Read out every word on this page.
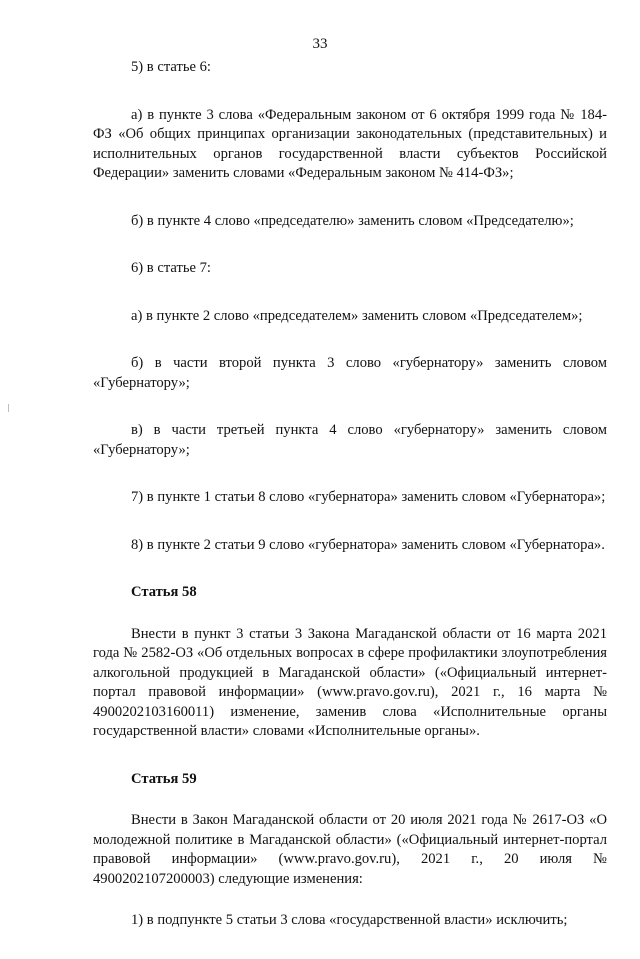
33

5) в статье 6:

а) в пункте 3 слова «Федеральным законом от 6 октября 1999 года № 184-ФЗ «Об общих принципах организации законодательных (представительных) и исполнительных органов государственной власти субъектов Российской Федерации» заменить словами «Федеральным законом № 414-ФЗ»;

б) в пункте 4 слово «председателю» заменить словом «Председателю»;

6) в статье 7:

а) в пункте 2 слово «председателем» заменить словом «Председателем»;

б) в части второй пункта 3 слово «губернатору» заменить словом «Губернатору»;

в) в части третьей пункта 4 слово «губернатору» заменить словом «Губернатору»;

7) в пункте 1 статьи 8 слово «губернатора» заменить словом «Губернатора»;

8) в пункте 2 статьи 9 слово «губернатора» заменить словом «Губернатора».

Статья 58

Внести в пункт 3 статьи 3 Закона Магаданской области от 16 марта 2021 года № 2582-ОЗ «Об отдельных вопросах в сфере профилактики злоупотребления алкогольной продукцией в Магаданской области» («Официальный интернет-портал правовой информации» (www.pravo.gov.ru), 2021 г., 16 марта № 4900202103160011) изменение, заменив слова «Исполнительные органы государственной власти» словами «Исполнительные органы».

Статья 59

Внести в Закон Магаданской области от 20 июля 2021 года № 2617-ОЗ «О молодежной политике в Магаданской области» («Официальный интернет-портал правовой информации» (www.pravo.gov.ru), 2021 г., 20 июля № 4900202107200003) следующие изменения:

1) в подпункте 5 статьи 3 слова «государственной власти» исключить;
